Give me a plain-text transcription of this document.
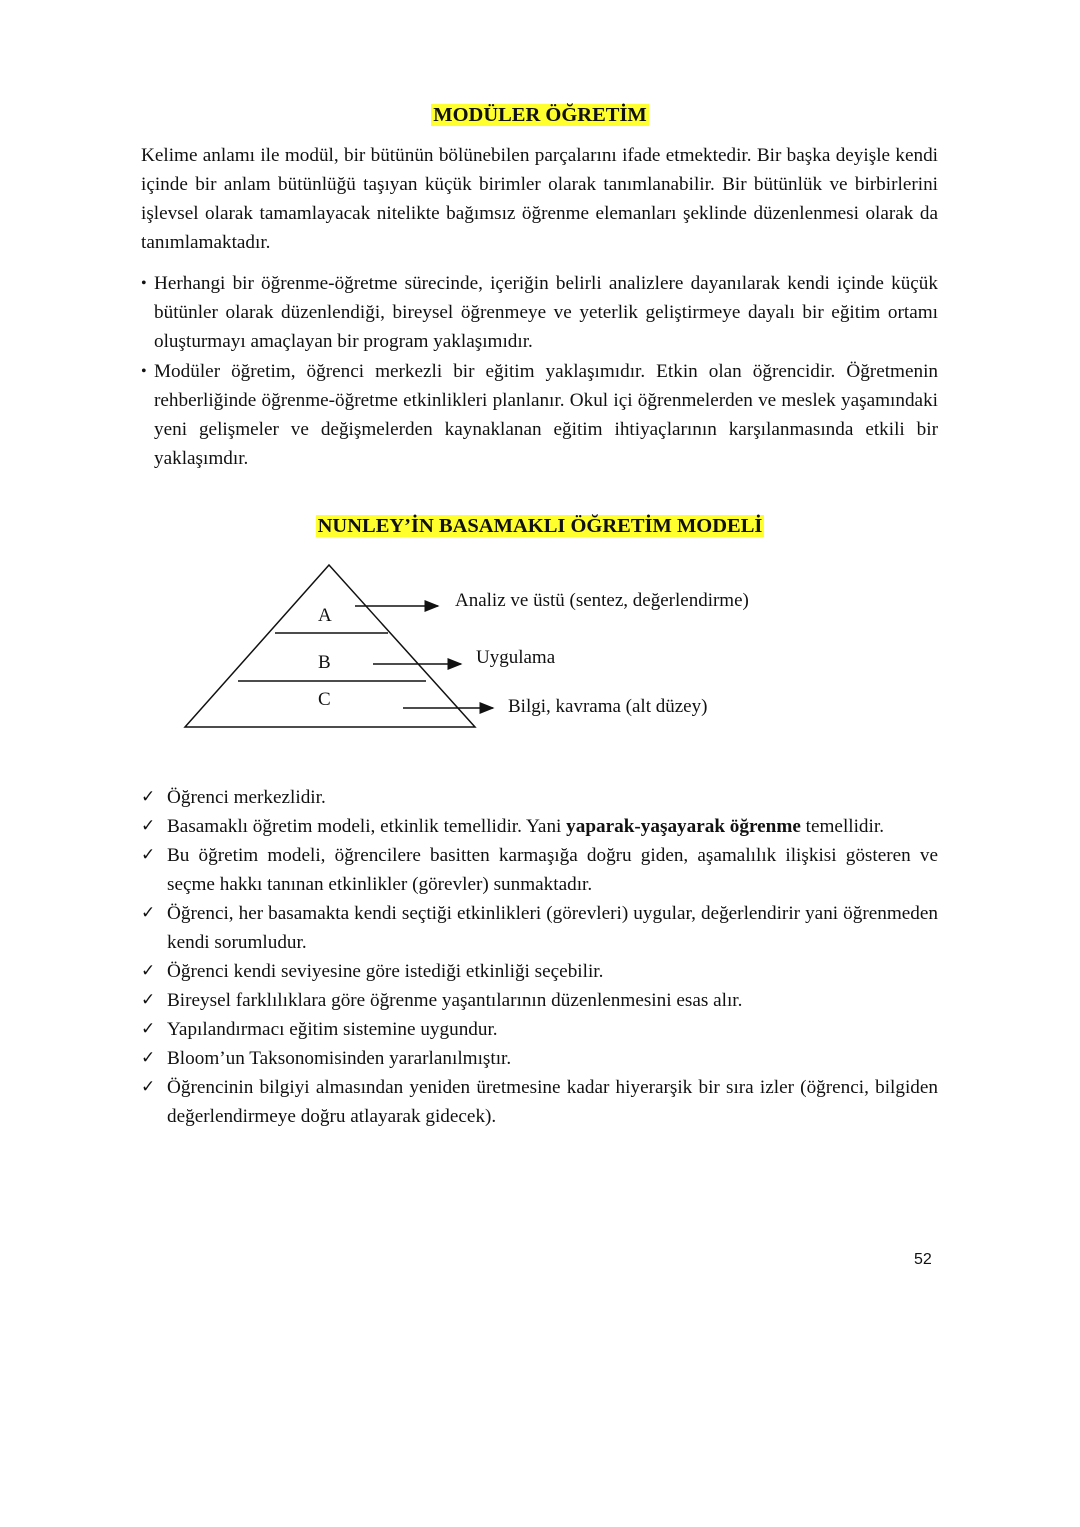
MODÜLER ÖĞRETİM
Kelime anlamı ile modül, bir bütünün bölünebilen parçalarını ifade etmektedir. Bir başka deyişle kendi içinde bir anlam bütünlüğü taşıyan küçük birimler olarak tanımlanabilir. Bir bütünlük ve birbirlerini işlevsel olarak tamamlayacak nitelikte bağımsız öğrenme elemanları şeklinde düzenlenmesi olarak da tanımlamaktadır.
• Herhangi bir öğrenme-öğretme sürecinde, içeriğin belirli analizlere dayanılarak kendi içinde küçük bütünler olarak düzenlendiği, bireysel öğrenmeye ve yeterlik geliştirmeye dayalı bir eğitim ortamı oluşturmayı amaçlayan bir program yaklaşımıdır.
• Modüler öğretim, öğrenci merkezli bir eğitim yaklaşımıdır. Etkin olan öğrencidir. Öğretmenin rehberliğinde öğrenme-öğretme etkinlikleri planlanır. Okul içi öğrenmelerden ve meslek yaşamındaki yeni gelişmeler ve değişmelerden kaynaklanan eğitim ihtiyaçlarının karşılanmasında etkili bir yaklaşımdır.
NUNLEY’İN BASAMAKLI ÖĞRETİM MODELİ
A
B
C
Analiz ve üstü (sentez, değerlendirme)
Uygulama
Bilgi, kavrama (alt düzey)
✓ Öğrenci merkezlidir.
✓ Basamaklı öğretim modeli, etkinlik temellidir. Yani yaparak-yaşayarak öğrenme temellidir.
✓ Bu öğretim modeli, öğrencilere basitten karmaşığa doğru giden, aşamalılık ilişkisi gösteren ve seçme hakkı tanınan etkinlikler (görevler) sunmaktadır.
✓ Öğrenci, her basamakta kendi seçtiği etkinlikleri (görevleri) uygular, değerlendirir yani öğrenmeden kendi sorumludur.
✓ Öğrenci kendi seviyesine göre istediği etkinliği seçebilir.
✓ Bireysel farklılıklara göre öğrenme yaşantılarının düzenlenmesini esas alır.
✓ Yapılandırmacı eğitim sistemine uygundur.
✓ Bloom’un Taksonomisinden yararlanılmıştır.
✓ Öğrencinin bilgiyi almasından yeniden üretmesine kadar hiyerarşik bir sıra izler (öğrenci, bilgiden değerlendirmeye doğru atlayarak gidecek).
52
